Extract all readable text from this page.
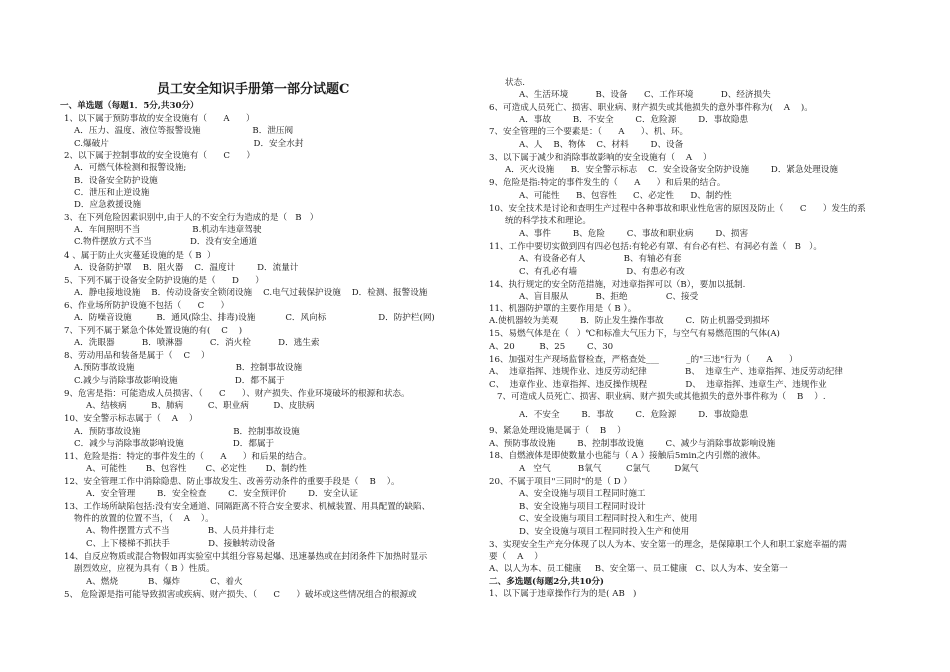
员工安全知识手册第一部分试题C
一、单选题（每题1．5分,共30分）
1、以下属于预防事故的安全设施有（      A      ）
A．压力、温度、液位等报警设施                   B．泄压阀
C.爆破片                                                     D．安全水封
2、以下属于控制事故的安全设施有（      C      ）
A．可燃气体检测和报警设施;
B．设备安全防护设施
C．泄压和止逆设施
D．应急救援设施
3、在下列危险因素识别中,由于人的不安全行为造成的是（   B   ）
A．车间照明不当                   B.机动车违章驾驶
C.物件摆放方式不当              D．没有安全通道
4 、属于防止火灾蔓延设施的是（ B  ）
A．设备防护罩    B．阻火器    C．温度计        D．流量计
5、下列不属于设备安全防护设施的是（      D      ）
A．静电接地设施    B．传动设备安全锁闭设施    C.电气过载保护设施    D．检测、报警设施
6、作业场所防护设施不包括（      C      ）
A．防噪音设施         B．通风(除尘、排毒)设施           C．风向标                   D．防护栏(网)
7、下列不属于紧急个体处置设施的有(    C    )
A．洗眼器          B．喷淋器          C．消火栓          D．逃生索
8、劳动用品和装备是属于（    C    ）
A.预防事故设施                                     B．控制事故设施
C.减少与消除事故影响设施                     D．都不属于
9、危害是指：可能造成人员损害、（      C      ）、财产损失、作业环境破坏的根源和状态。
A、结核病         B、肺病         C、职业病         D、皮肤病
10、安全警示标志属于（    A    ）
A．预防事故设施                                  B．控制事故设施
C．减少与消除事故影响设施                  D．都属于
11、危险是指：特定的事件发生的（      A      ）和后果的结合。
A、可能性       B、包容性       C、必定性       D、制约性
12、安全管理工作中消除隐患、防止事故发生、改善劳动条件的重要手段是（    B    ）。
A．安全管理        B．安全检查        C．安全预评价        D．安全认证
13、工作场所缺陷包括:没有安全通道、同隔距离不符合安全要求、机械装置、用具配置的缺陷、
物件的放置的位置不当，（    A    ）。
A、物件摆置方式不当              B、人员并排行走
C、上下楼梯不抓扶手              D、接触转动设备
14、自反应物质或混合物假如再实验室中其组分容易起爆、迅速暴热或在封闭条件下加热时显示
剧烈效应，应视为具有（ B ）性质。
A、燃烧           B、爆炸           C、着火
5、 危险源是指可能导致损害或疾病、财产损失、（      C      ）破坏或这些情况组合的根源或
状态.
A、生活环境          B、设备      C、工作环境          D、经济损失
6、可造成人员死亡、损害、职业病、财产损失或其他损失的意外事件称为(    A    )。
A．事故        B．不安全        C．危险源        D．事故隐患
7、安全管理的三个要素是：（      A      ）、机、环。
A、人    B、物体    C、材料        D、设备
3、以下属于减少和消除事故影响的安全设施有（    A    ）
A．灭火设施      B．安全警示标志    C．安全设备安全防护设施        D．紧急处理设施
9、危险是指:特定的事件发生的（      A      ）和后果的结合。
A、可能性      B、包容性      C、必定性      D、制约性
10、安全技术是讨论和查明生产过程中各种事故和职业性危害的原因及防止（      C      ）发生的系
统的科学技术和理论。
A、事件        B、危险        C、事故和职业病        D、损害
11、工作中要切实做到四有四必包括:有轮必有罩、有台必有栏、有洞必有盖（   B   ）。
A、有设备必有人              B、有轴必有套
C、有孔必有墙                  D、有患必有改
14、执行规定的安全防范措施，对违章指挥可以（B），要加以抵制.
A、盲目服从          B、拒绝              C、接受
11、机器防护罩的主要作用是（ B ）。
A.使机器较为美观        B．防止发生操作事故        C．防止机器受到损坏
15、易燃气体是在（   ）℃和标准大气压力下，与空气有易燃范围的气体(A)
A、20         B、25        C、30
16、加强对生产现场监督检查，严格查处___          _的"三违"行为（      A      ）
A、  违章指挥、违规作业、违反劳动纪律              B、  违章生产、违章指挥、违反劳动纪律
C、  违章作业、违章指挥、违反操作规程              D、  违章指挥、违章生产、违规作业
7、可造成人员死亡、损害、职业病、财产损失或其他损失的意外事件称为（    B    ）.
A．不安全        B．事故        C．危险源        D．事故隐患
9、紧急处理设施是属于（    B    ）
A、预防事故设施        B、控制事故设施        C、减少与消除事故影响设施
18、自燃液体是即使数量小也能与（ A ）接触后5min之内引燃的液体。
A   空气          B氧气         C氯气         D氮气
20、不属于项目"三同时"的是（ D ）
A、安全设施与项目工程同时施工
B、安全设施与项目工程同时设计
C、安全设施与项目工程同时投入和生产、使用
D、安全设施与项目工程同时投入生产和使用
3、实现安全生产充分体现了以人为本、安全第一的理念，是保障职工个人和职工家庭幸福的需
要（    A    ）
A、以人为本、员工健康     B、安全第一、员工健康   C、以人为本、安全第一
二、多选题(每题2分,共10分)
1、以下属于违章操作行为的是( AB   )
